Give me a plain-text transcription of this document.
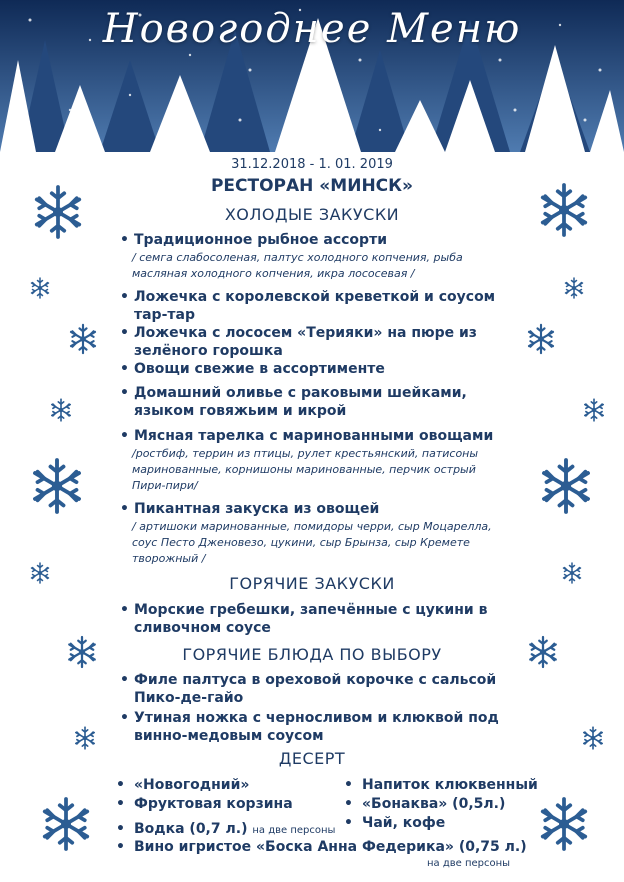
Новогоднее Меню
31.12.2018 - 1. 01. 2019
РЕСТОРАН «МИНСК»
ХОЛОДЫЕ ЗАКУСКИ
• Традиционное рыбное ассорти
/ семга слабосоленая, палтус холодного копчения, рыба масляная холодного копчения, икра лососевая /
• Ложечка с королевской креветкой и соусом тар-тар
• Ложечка с лососем «Терияки» на пюре из зелёного горошка
• Овощи свежие в ассортименте
• Домашний оливье с раковыми шейками, языком говяжьим и икрой
• Мясная тарелка с маринованными овощами
/ростбиф, террин из птицы, рулет крестьянский, патисоны маринованные, корнишоны маринованные, перчик острый Пири-пири/
• Пикантная закуска из овощей
/ артишоки маринованные, помидоры черри, сыр Моцарелла, соус Песто Дженовезо, цукини, сыр Брынза, сыр Кремете творожный /
ГОРЯЧИЕ ЗАКУСКИ
• Морские гребешки, запечённые с цукини в сливочном соусе
ГОРЯЧИЕ БЛЮДА ПО ВЫБОРУ
• Филе палтуса в ореховой корочке с сальсой Пико-де-гайо
• Утиная ножка с черносливом и клюквой под винно-медовым соусом
ДЕСЕРТ
• «Новогодний»
• Фруктовая корзина
• Напиток клюквенный
• «Бонаква» (0,5л.)
• Чай, кофе
• Водка (0,7 л.) на две персоны
• Вино игристое «Боска Анна Федерика» (0,75 л.)
на две персоны
